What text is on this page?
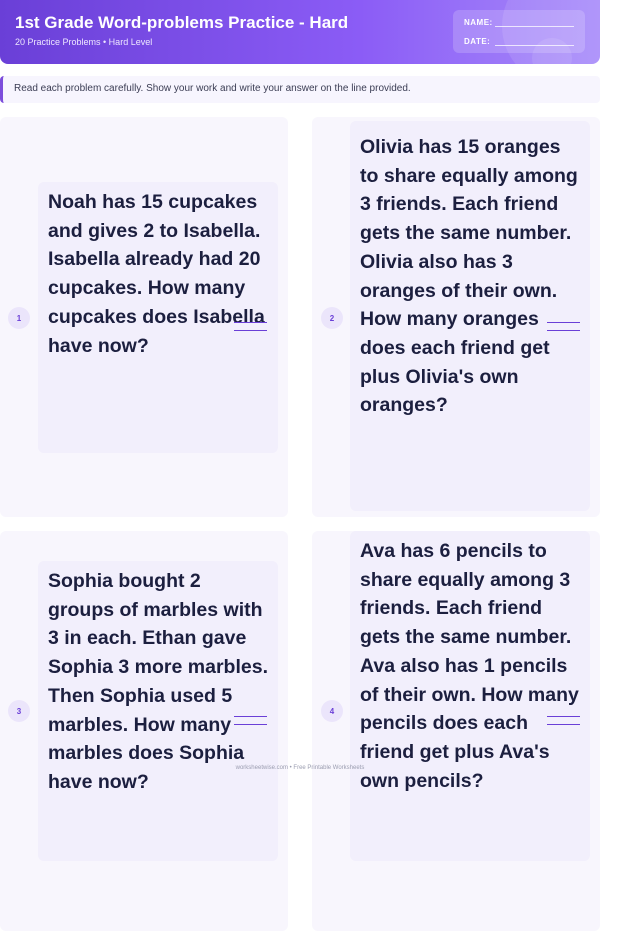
1st Grade Word-problems Practice - Hard
20 Practice Problems • Hard Level
NAME:
DATE:
Read each problem carefully. Show your work and write your answer on the line provided.
1
Noah has 15 cupcakes and gives 2 to Isabella. Isabella already had 20 cupcakes. How many cupcakes does Isabella have now?
2
Olivia has 15 oranges to share equally among 3 friends. Each friend gets the same number. Olivia also has 3 oranges of their own. How many oranges does each friend get plus Olivia's own oranges?
3
Sophia bought 2 groups of marbles with 3 in each. Ethan gave Sophia 3 more marbles. Then Sophia used 5 marbles. How many marbles does Sophia have now?
4
Ava has 6 pencils to share equally among 3 friends. Each friend gets the same number. Ava also has 1 pencils of their own. How many pencils does each friend get plus Ava's own pencils?
worksheetwise.com • Free Printable Worksheets
